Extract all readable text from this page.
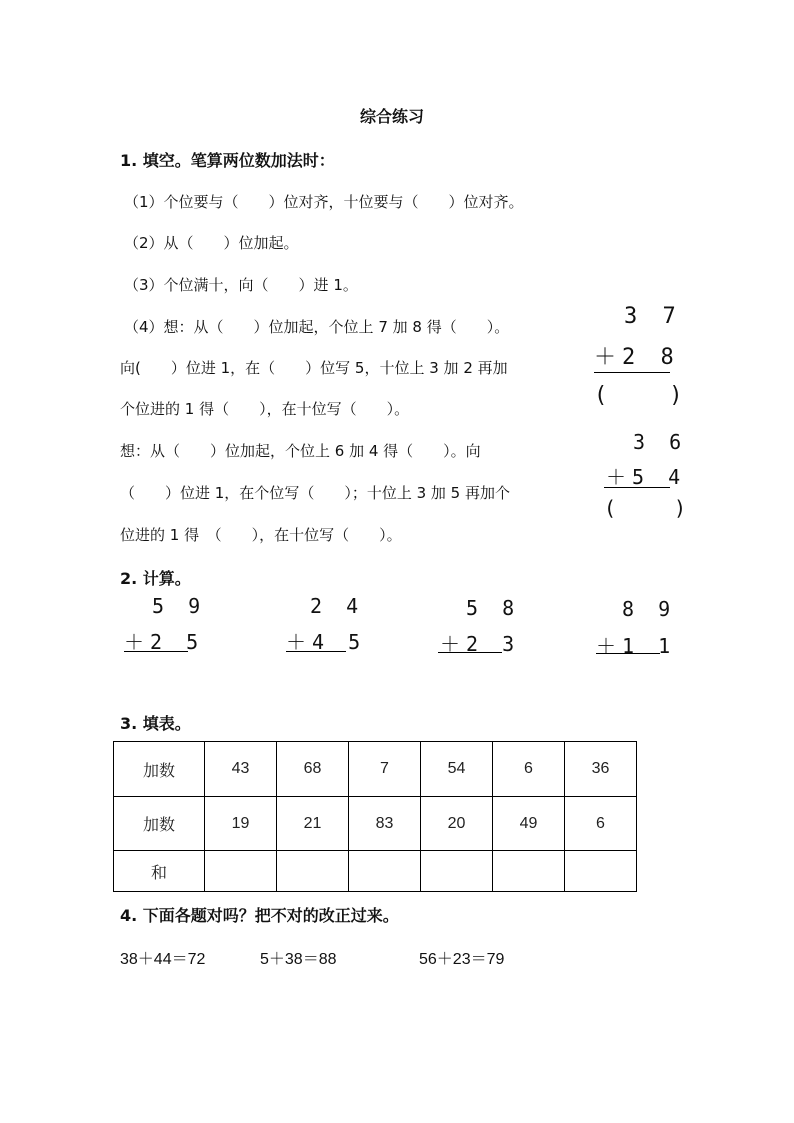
综合练习
1. 填空。笔算两位数加法时：
（1）个位要与（　　）位对齐，十位要与（　　）位对齐。
（2）从（　　）位加起。
（3）个位满十，向（　　）进 1。
（4）想：从（　　）位加起，个位上 7 加 8 得（　　）。
向(　　）位进 1，在（　　）位写 5，十位上 3 加 2 再加
个位进的 1 得（　　），在十位写（　　）。
想：从（　　）位加起，个位上 6 加 4 得（　　）。向
（　　）位进 1，在个位写（　　）；十位上 3 加 5 再加个
位进的 1 得　（　　），在十位写（　　）。
3 7
＋2 8
(　　)
3 6
＋5 4
(　　)
2. 计算。
5 9
＋2 5
2 4
＋4 5
5 8
＋2 3
8 9
＋1 1
3. 填表。
加数	43	68	7	54	6	36
加数	19	21	83	20	49	6
和						
4. 下面各题对吗？把不对的改正过来。
38＋44＝72	5＋38＝88	56＋23＝79
